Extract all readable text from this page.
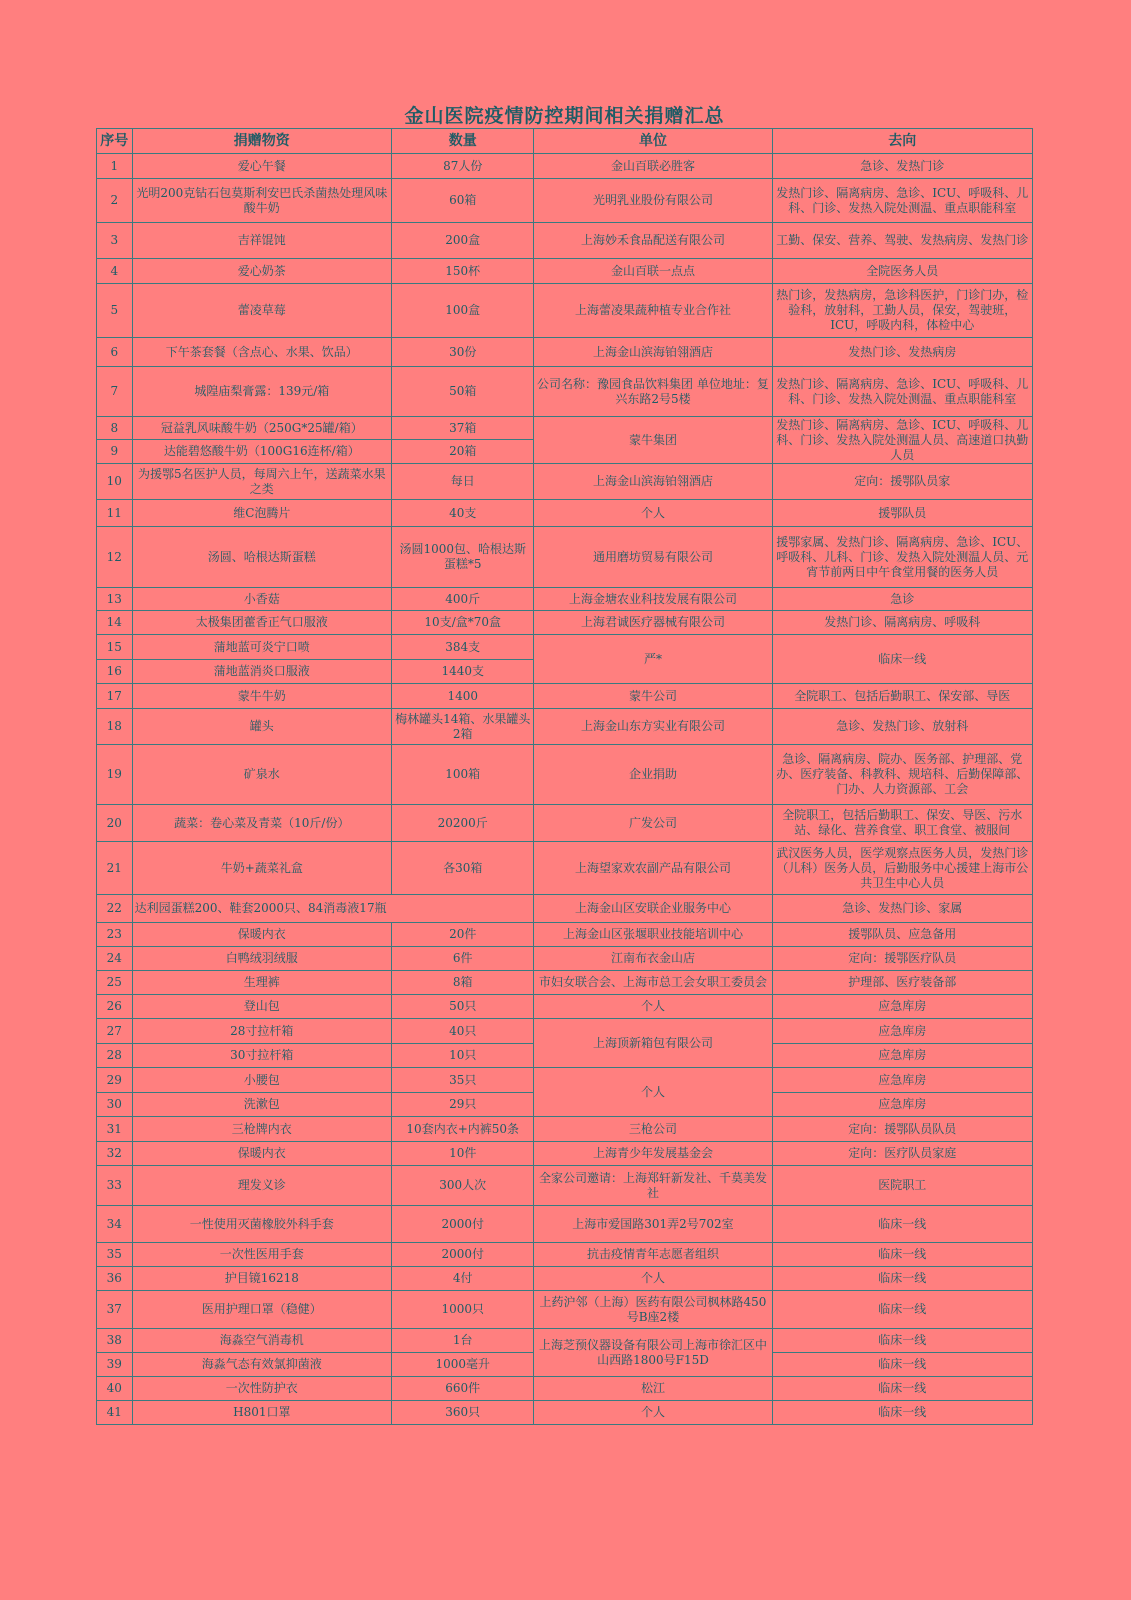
金山医院疫情防控期间相关捐赠汇总
序号	捐赠物资	数量	单位	去向

1	爱心午餐	87人份	金山百联必胜客	急诊、发热门诊

2	光明200克钻石包莫斯利安巴氏杀菌热处理风味酸牛奶	60箱	光明乳业股份有限公司	发热门诊、隔离病房、急诊、ICU、呼吸科、儿科、门诊、发热入院处测温、重点职能科室

3	吉祥馄饨	200盒	上海妙禾食品配送有限公司	工勤、保安、营养、驾驶、发热病房、发热门诊

4	爱心奶茶	150杯	金山百联一点点	全院医务人员

5	蕾凌草莓	100盒	上海蕾凌果蔬种植专业合作社	热门诊，发热病房，急诊科医护，门诊门办，检验科，放射科，工勤人员，保安，驾驶班，ICU，呼吸内科，体检中心

6	下午茶套餐（含点心、水果、饮品）	30份	上海金山滨海铂翎酒店	发热门诊、发热病房

7	城隍庙梨膏露：139元/箱	50箱	公司名称：豫园食品饮料集团 单位地址：复兴东路2号5楼	发热门诊、隔离病房、急诊、ICU、呼吸科、儿科、门诊、发热入院处测温、重点职能科室

8	冠益乳风味酸牛奶（250G*25罐/箱）	37箱	蒙牛集团	发热门诊、隔离病房、急诊、ICU、呼吸科、儿科、门诊、发热入院处测温人员、高速道口执勤人员

9	达能碧悠酸牛奶（100G16连杯/箱）	20箱		

10	为援鄂5名医护人员，每周六上午，送蔬菜水果之类	每日	上海金山滨海铂翎酒店	定向：援鄂队员家

11	维C泡腾片	40支	个人	援鄂队员

12	汤圆、哈根达斯蛋糕	汤圆1000包、哈根达斯蛋糕*5	通用磨坊贸易有限公司	援鄂家属、发热门诊、隔离病房、急诊、ICU、呼吸科、儿科、门诊、发热入院处测温人员、元宵节前两日中午食堂用餐的医务人员

13	小香菇	400斤	上海金塘农业科技发展有限公司	急诊

14	太极集团藿香正气口服液	10支/盒*70盒	上海君诚医疗器械有限公司	发热门诊、隔离病房、呼吸科

15	蒲地蓝可炎宁口喷	384支	严*	临床一线

16	蒲地蓝消炎口服液	1440支		

17	蒙牛牛奶	1400	蒙牛公司	全院职工、包括后勤职工、保安部、导医

18	罐头	梅林罐头14箱、水果罐头2箱	上海金山东方实业有限公司	急诊、发热门诊、放射科

19	矿泉水	100箱	企业捐助	急诊、隔离病房、院办、医务部、护理部、党办、医疗装备、科教科、规培科、后勤保障部、门办、人力资源部、工会

20	蔬菜：卷心菜及青菜（10斤/份）	20200斤	广发公司	全院职工，包括后勤职工、保安、导医、污水站、绿化、营养食堂、职工食堂、被服间

21	牛奶+蔬菜礼盒	各30箱	上海望家欢农副产品有限公司	武汉医务人员，医学观察点医务人员，发热门诊（儿科）医务人员，后勤服务中心援建上海市公共卫生中心人员

22	达利园蛋糕200、鞋套2000只、84消毒液17瓶		上海金山区安联企业服务中心	急诊、发热门诊、家属

23	保暖内衣	20件	上海金山区张堰职业技能培训中心	援鄂队员、应急备用

24	白鸭绒羽绒服	6件	江南布衣金山店	定向：援鄂医疗队员

25	生理裤	8箱	市妇女联合会、上海市总工会女职工委员会	护理部、医疗装备部

26	登山包	50只	个人	应急库房

27	28寸拉杆箱	40只	上海顶新箱包有限公司	应急库房

28	30寸拉杆箱	10只		应急库房

29	小腰包	35只	个人	应急库房

30	洗漱包	29只		应急库房

31	三枪牌内衣	10套内衣+内裤50条	三枪公司	定向：援鄂队员队员

32	保暖内衣	10件	上海青少年发展基金会	定向：医疗队员家庭

33	理发义诊	300人次	全家公司邀请：上海郑轩新发社、千莫美发社	医院职工

34	一性使用灭菌橡胶外科手套	2000付	上海市爱国路301弄2号702室	临床一线

35	一次性医用手套	2000付	抗击疫情青年志愿者组织	临床一线

36	护目镜16218	4付	个人	临床一线

37	医用护理口罩（稳健）	1000只	上药沪邻（上海）医药有限公司枫林路450号B座2楼	临床一线

38	海淼空气消毒机	1台	上海芝预仪器设备有限公司上海市徐汇区中山西路1800号F15D	临床一线

39	海淼气态有效氯抑菌液	1000毫升		临床一线

40	一次性防护衣	660件	松江	临床一线

41	H801口罩	360只	个人	临床一线
